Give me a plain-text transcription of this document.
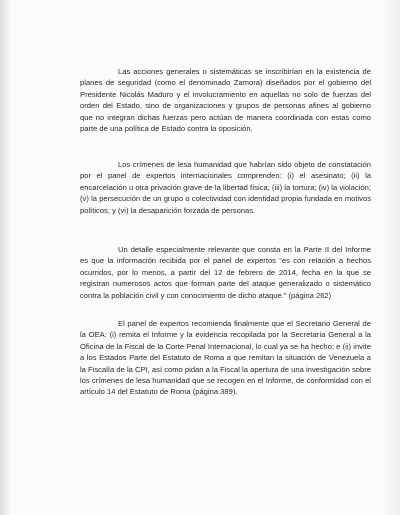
Las acciones generales o sistemáticas se inscribirían en la existencia de planes de seguridad (como el denominado Zamora) diseñados por el gobierno del Presidente Nicolás Maduro y el involucramiento en aquellas no solo de fuerzas del orden del Estado, sino de organizaciones y grupos de personas afines al gobierno que no integran dichas fuerzas pero actúan de manera coordinada con estas como parte de una política de Estado contra la oposición.

Los crímenes de lesa humanidad que habrían sido objeto de constatación por el panel de expertos internacionales comprenden: (i) el asesinato; (ii) la encarcelación u otra privación grave de la libertad física; (iii) la tortura; (iv) la violación; (v) la persecución de un grupo o colectividad con identidad propia fundada en motivos políticos; y (vi) la desaparición forzada de personas.

Un detalle especialmente relevante que consta en la Parte II del Informe es que la información recibida por el panel de expertos “es con relación a hechos ocurridos, por lo menos, a partir del 12 de febrero de 2014, fecha en la que se registran numerosos actos que forman parte del ataque generalizado o sistemático contra la población civil y con conocimiento de dicho ataque.” (página 262)

El panel de expertos recomienda finalmente que el Secretario General de la OEA: (i) remita el Informe y la evidencia recopilada por la Secretaría General a la Oficina de la Fiscal de la Corte Penal Internacional, lo cual ya se ha hecho; e (ii) invite a los Estados Parte del Estatuto de Roma a que remitan la situación de Venezuela a la Fiscalía de la CPI, así como pidan a la Fiscal la apertura de una investigación sobre los crímenes de lesa humanidad que se recogen en el Informe, de conformidad con el artículo 14 del Estatuto de Roma (página 389).
